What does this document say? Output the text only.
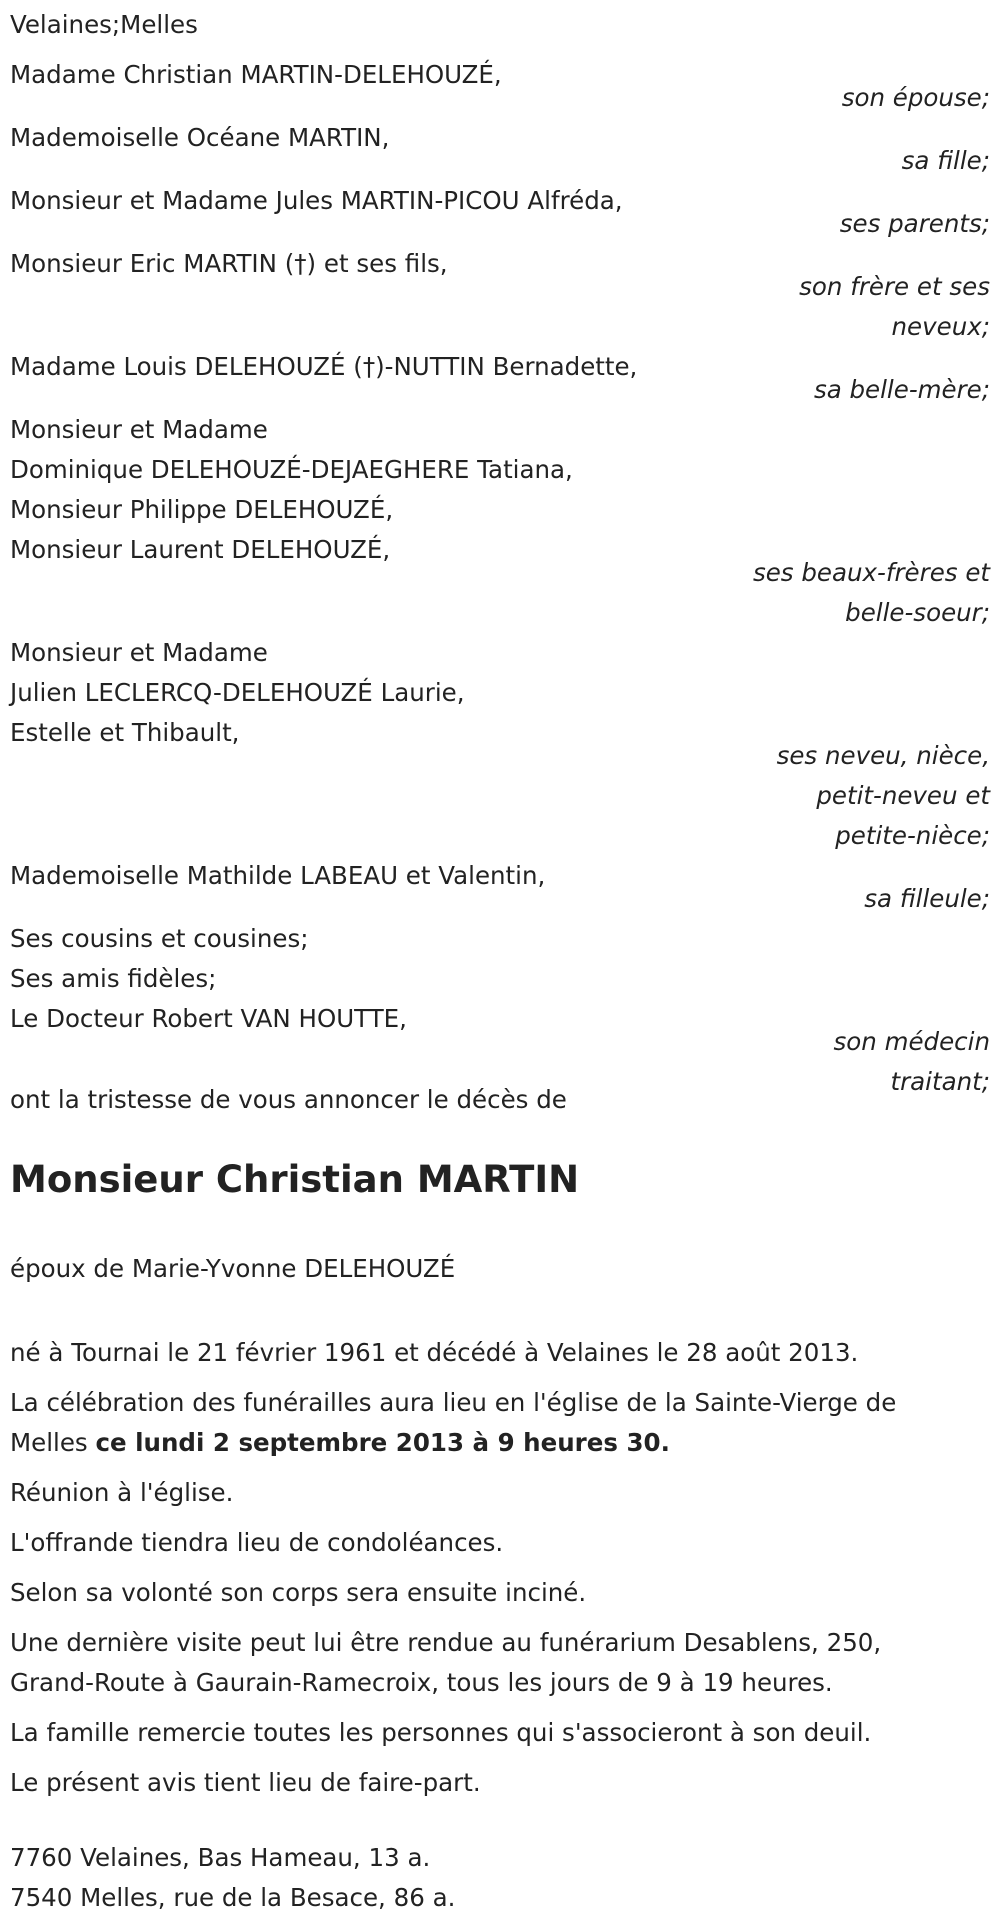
Velaines;Melles
Madame Christian MARTIN-DELEHOUZÉ,
son épouse;
Mademoiselle Océane MARTIN,
sa fille;
Monsieur et Madame Jules MARTIN-PICOU Alfréda,
ses parents;
Monsieur Eric MARTIN (†) et ses fils,
son frère et ses
neveux;
Madame Louis DELEHOUZÉ (†)-NUTTIN Bernadette,
sa belle-mère;
Monsieur et Madame
Dominique DELEHOUZÉ-DEJAEGHERE Tatiana,
Monsieur Philippe DELEHOUZÉ,
Monsieur Laurent DELEHOUZÉ,
ses beaux-frères et
belle-soeur;
Monsieur et Madame
Julien LECLERCQ-DELEHOUZÉ Laurie,
Estelle et Thibault,
ses neveu, nièce,
petit-neveu et
petite-nièce;
Mademoiselle Mathilde LABEAU et Valentin,
sa filleule;
Ses cousins et cousines;
Ses amis fidèles;
Le Docteur Robert VAN HOUTTE,
son médecin
traitant;
ont la tristesse de vous annoncer le décès de
Monsieur Christian MARTIN
époux de Marie-Yvonne DELEHOUZÉ
né à Tournai le 21 février 1961 et décédé à Velaines le 28 août 2013.
La célébration des funérailles aura lieu en l'église de la Sainte-Vierge de
Melles ce lundi 2 septembre 2013 à 9 heures 30.
Réunion à l'église.
L'offrande tiendra lieu de condoléances.
Selon sa volonté son corps sera ensuite inciné.
Une dernière visite peut lui être rendue au funérarium Desablens, 250,
Grand-Route à Gaurain-Ramecroix, tous les jours de 9 à 19 heures.
La famille remercie toutes les personnes qui s'associeront à son deuil.
Le présent avis tient lieu de faire-part.
7760 Velaines, Bas Hameau, 13 a.
7540 Melles, rue de la Besace, 86 a.
